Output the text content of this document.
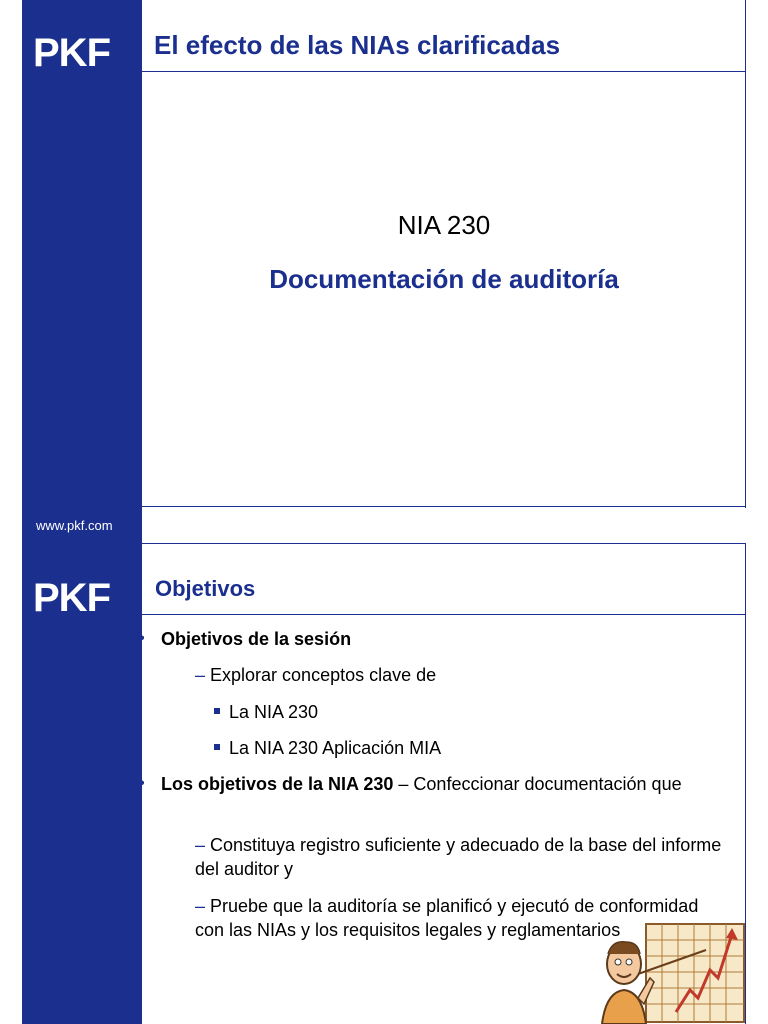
PKF El efecto de las NIAs clarificadas
NIA 230
Documentación de auditoría
www.pkf.com
PKF Objetivos
• Objetivos de la sesión
– Explorar conceptos clave de
La NIA 230
La NIA 230 Aplicación MIA
• Los objetivos de la NIA 230 – Confeccionar documentación que
– Constituya registro suficiente y adecuado de la base del informe del auditor y
– Pruebe que la auditoría se planificó y ejecutó de conformidad con las NIAs y los requisitos legales y reglamentarios
